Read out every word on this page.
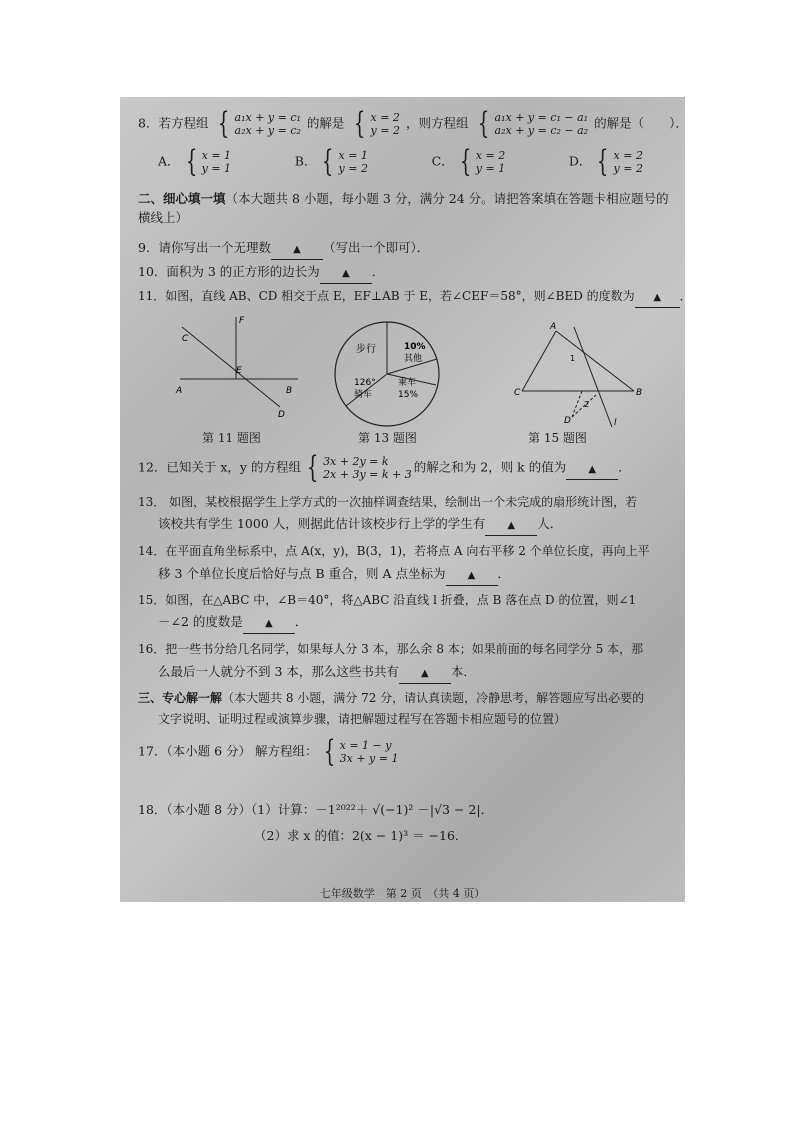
8．若方程组 { a₁x + y = c₁
a₂x + y = c₂ 的解是 { x = 2
y = 2 ，则方程组 { a₁x + y = c₁ − a₁
a₂x + y = c₂ − a₂ 的解是（　　）．
A． { x = 1
y = 1	B． { x = 1
y = 2	C． { x = 2
y = 1	D． { x = 2
y = 2
二、细心填一填（本大题共 8 小题，每小题 3 分，满分 24 分。请把答案填在答题卡相应题号的
横线上）
9．请你写出一个无理数 ▲ （写出一个即可）．
10．面积为 3 的正方形的边长为 ▲ ．
11．如图，直线 AB、CD 相交于点 E，EF⊥AB 于 E，若∠CEF＝58°，则∠BED 的度数为 ▲ ．
F
C
A
E
B
D
第 11 题图
步行	10%
其他
126°
骑车
乘车
15%
第 13 题图
A
C	B
D
1
2
l
第 15 题图
12．已知关于 x，y 的方程组 { 3x + 2y = k
2x + 3y = k + 3 的解之和为 2，则 k 的值为 ▲ ．
13． 如图，某校根据学生上学方式的一次抽样调查结果，绘制出一个未完成的扇形统计图，若
该校共有学生 1000 人，则据此估计该校步行上学的学生有 ▲ 人．
14．在平面直角坐标系中，点 A(x，y)，B(3，1)，若将点 A 向右平移 2 个单位长度，再向上平
移 3 个单位长度后恰好与点 B 重合，则 A 点坐标为 ▲ ．
15．如图，在△ABC 中，∠B＝40°，将△ABC 沿直线 l 折叠，点 B 落在点 D 的位置，则∠1
－∠2 的度数是 ▲ ．
16．把一些书分给几名同学，如果每人分 3 本，那么余 8 本；如果前面的每名同学分 5 本，那
么最后一人就分不到 3 本，那么这些书共有 ▲ 本．
三、专心解一解（本大题共 8 小题，满分 72 分，请认真读题，冷静思考，解答题应写出必要的
文字说明、证明过程或演算步骤，请把解题过程写在答题卡相应题号的位置）
17．（本小题 6 分） 解方程组： { x = 1 − y
3x + y = 1
18．（本小题 8 分）（1）计算：－1²⁰²²＋ √(−1)² －|√3 − 2|．
（2）求 x 的值：2(x − 1)³ ＝ −16．
七年级数学　第 2 页　（共 4 页）
